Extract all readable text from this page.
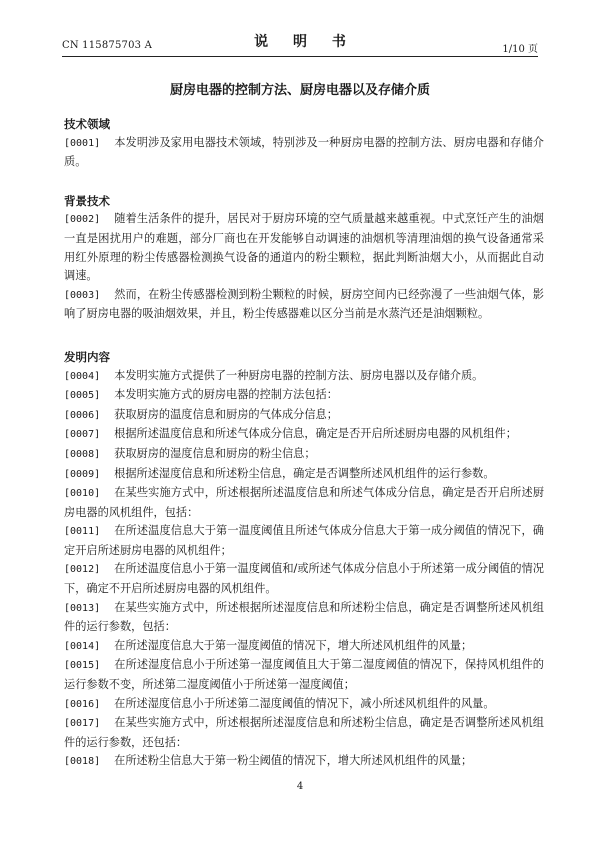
CN 115875703 A	说 明 书	1/10 页
厨房电器的控制方法、厨房电器以及存储介质

技术领域

[0001] 本发明涉及家用电器技术领域，特别涉及一种厨房电器的控制方法、厨房电器和存储介质。

背景技术

[0002] 随着生活条件的提升，居民对于厨房环境的空气质量越来越重视。中式烹饪产生的油烟一直是困扰用户的难题，部分厂商也在开发能够自动调速的油烟机等清理油烟的换气设备通常采用红外原理的粉尘传感器检测换气设备的通道内的粉尘颗粒，据此判断油烟大小，从而据此自动调速。

[0003] 然而，在粉尘传感器检测到粉尘颗粒的时候，厨房空间内已经弥漫了一些油烟气体，影响了厨房电器的吸油烟效果，并且，粉尘传感器难以区分当前是水蒸汽还是油烟颗粒。

发明内容

[0004] 本发明实施方式提供了一种厨房电器的控制方法、厨房电器以及存储介质。

[0005] 本发明实施方式的厨房电器的控制方法包括：

[0006] 获取厨房的温度信息和厨房的气体成分信息；

[0007] 根据所述温度信息和所述气体成分信息，确定是否开启所述厨房电器的风机组件；

[0008] 获取厨房的湿度信息和厨房的粉尘信息；

[0009] 根据所述湿度信息和所述粉尘信息，确定是否调整所述风机组件的运行参数。

[0010] 在某些实施方式中，所述根据所述温度信息和所述气体成分信息，确定是否开启所述厨房电器的风机组件，包括：

[0011] 在所述温度信息大于第一温度阈值且所述气体成分信息大于第一成分阈值的情况下，确定开启所述厨房电器的风机组件；

[0012] 在所述温度信息小于第一温度阈值和/或所述气体成分信息小于所述第一成分阈值的情况下，确定不开启所述厨房电器的风机组件。

[0013] 在某些实施方式中，所述根据所述湿度信息和所述粉尘信息，确定是否调整所述风机组件的运行参数，包括：

[0014] 在所述湿度信息大于第一湿度阈值的情况下，增大所述风机组件的风量；

[0015] 在所述湿度信息小于所述第一湿度阈值且大于第二湿度阈值的情况下，保持风机组件的运行参数不变，所述第二湿度阈值小于所述第一湿度阈值；

[0016] 在所述湿度信息小于所述第二湿度阈值的情况下，减小所述风机组件的风量。

[0017] 在某些实施方式中，所述根据所述湿度信息和所述粉尘信息，确定是否调整所述风机组件的运行参数，还包括：

[0018] 在所述粉尘信息大于第一粉尘阈值的情况下，增大所述风机组件的风量；

4
